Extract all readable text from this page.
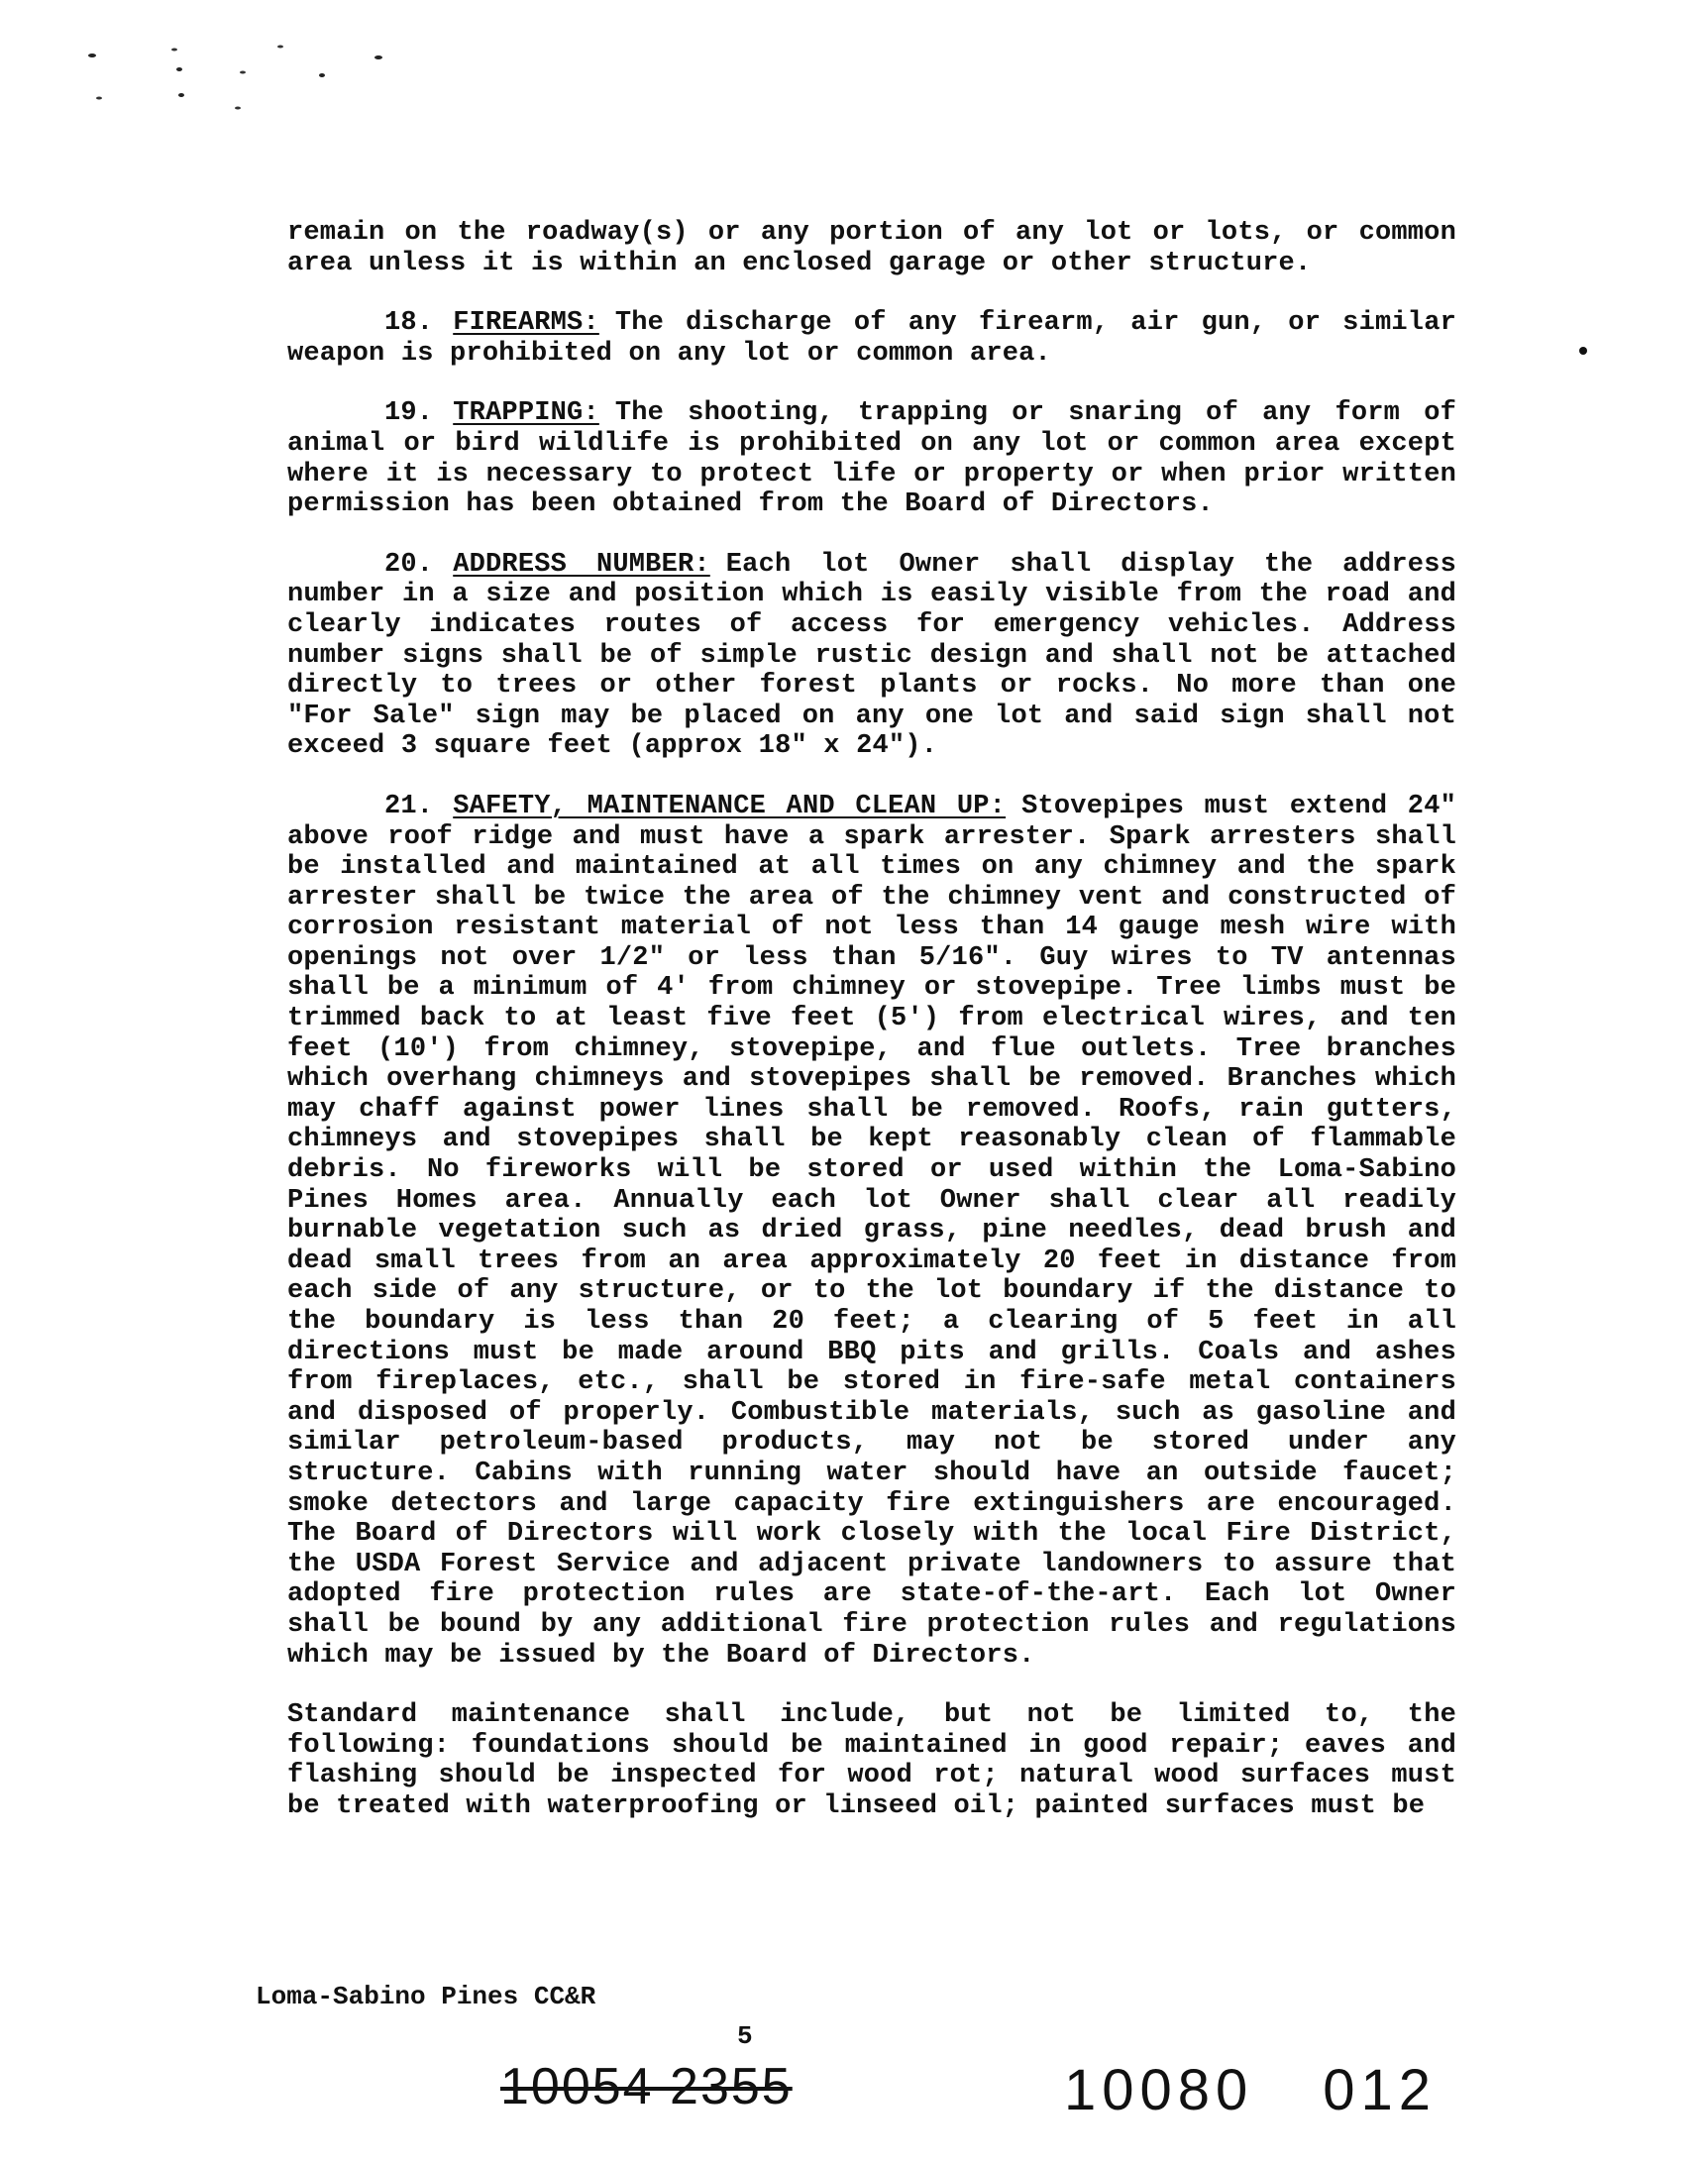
remain on the roadway(s) or any portion of any lot or lots, or common area unless it is within an enclosed garage or other structure.

18. FIREARMS: The discharge of any firearm, air gun, or similar weapon is prohibited on any lot or common area.

19. TRAPPING: The shooting, trapping or snaring of any form of animal or bird wildlife is prohibited on any lot or common area except where it is necessary to protect life or property or when prior written permission has been obtained from the Board of Directors.

20. ADDRESS NUMBER: Each lot Owner shall display the address number in a size and position which is easily visible from the road and clearly indicates routes of access for emergency vehicles. Address number signs shall be of simple rustic design and shall not be attached directly to trees or other forest plants or rocks. No more than one "For Sale" sign may be placed on any one lot and said sign shall not exceed 3 square feet (approx 18" x 24").

21. SAFETY, MAINTENANCE AND CLEAN UP: Stovepipes must extend 24" above roof ridge and must have a spark arrester. Spark arresters shall be installed and maintained at all times on any chimney and the spark arrester shall be twice the area of the chimney vent and constructed of corrosion resistant material of not less than 14 gauge mesh wire with openings not over 1/2" or less than 5/16". Guy wires to TV antennas shall be a minimum of 4' from chimney or stovepipe. Tree limbs must be trimmed back to at least five feet (5') from electrical wires, and ten feet (10') from chimney, stovepipe, and flue outlets. Tree branches which overhang chimneys and stovepipes shall be removed. Branches which may chaff against power lines shall be removed. Roofs, rain gutters, chimneys and stovepipes shall be kept reasonably clean of flammable debris. No fireworks will be stored or used within the Loma-Sabino Pines Homes area. Annually each lot Owner shall clear all readily burnable vegetation such as dried grass, pine needles, dead brush and dead small trees from an area approximately 20 feet in distance from each side of any structure, or to the lot boundary if the distance to the boundary is less than 20 feet; a clearing of 5 feet in all directions must be made around BBQ pits and grills. Coals and ashes from fireplaces, etc., shall be stored in fire-safe metal containers and disposed of properly. Combustible materials, such as gasoline and similar petroleum-based products, may not be stored under any structure. Cabins with running water should have an outside faucet; smoke detectors and large capacity fire extinguishers are encouraged. The Board of Directors will work closely with the local Fire District, the USDA Forest Service and adjacent private landowners to assure that adopted fire protection rules are state-of-the-art. Each lot Owner shall be bound by any additional fire protection rules and regulations which may be issued by the Board of Directors.

Standard maintenance shall include, but not be limited to, the following: foundations should be maintained in good repair; eaves and flashing should be inspected for wood rot; natural wood surfaces must be treated with waterproofing or linseed oil; painted surfaces must be

Loma-Sabino Pines CC&R
5
10054 2355	10080 012
